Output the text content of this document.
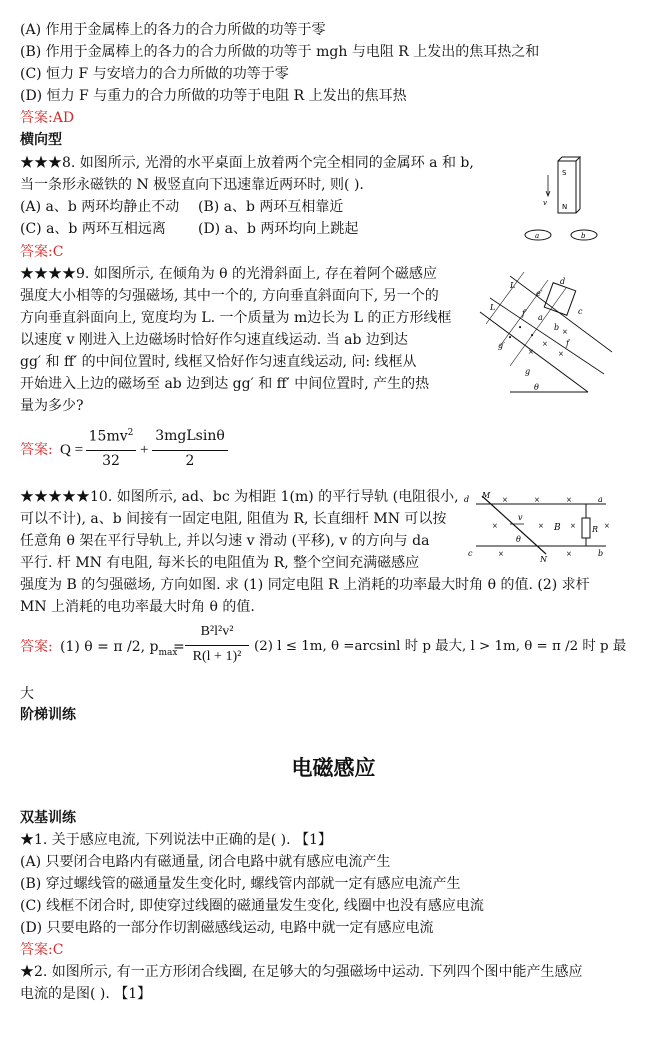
(A) 作用于金属棒上的各力的合力所做的功等于零
(B) 作用于金属棒上的各力的合力所做的功等于 mgh 与电阻 R 上发出的焦耳热之和
(C) 恒力 F 与安培力的合力所做的功等于零
(D) 恒力 F 与重力的合力所做的功等于电阻 R 上发出的焦耳热
答案:AD
横向型
★★★8. 如图所示, 光滑的水平桌面上放着两个完全相同的金属环 a 和 b,
当一条形永磁铁的 N 极竖直向下迅速靠近两环时, 则( ).
(A) a、b 两环均静止不动 (B) a、b 两环互相靠近
(C) a、b 两环互相远离 (D) a、b 两环均向上跳起
答案:C
S
N
v
a	b
★★★★9. 如图所示, 在倾角为 θ 的光滑斜面上, 存在着阿个磁感应
强度大小相等的匀强磁场, 其中一个的, 方向垂直斜面向下, 另一个的
方向垂直斜面向上, 宽度均为 L. 一个质量为 m边长为 L 的正方形线框
以速度 v 刚进入上边磁场时恰好作匀速直线运动. 当 ab 边到达
gg′ 和 ff′ 的中间位置时, 线框又恰好作匀速直线运动, 问: 线框从
开始进入上边的磁场至 ab 边到达 gg′ 和 ff′ 中间位置时, 产生的热
量为多少?
e′
d
c
L
L
f′ a
b
g′
g
f
θ
×
×
×	×
•
•
•
答案: Q =
$15mv^2$
32
+
3mgLsinθ
2
★★★★★10. 如图所示, ad、bc 为相距 1(m) 的平行导轨 (电阻很小,
可以不计), a、b 间接有一固定电阻, 阻值为 R, 长直细杆 MN 可以按
任意角 θ 架在平行导轨上, 并以匀速 v 滑动 (平移), v 的方向与 da
平行. 杆 MN 有电阻, 每米长的电阻值为 R, 整个空间充满磁感应
强度为 B 的匀强磁场, 方向如图. 求 (1) 同定电阻 R 上消耗的功率最大时角 θ 的值. (2) 求杆
MN 上消耗的电功率最大时角 θ 的值.
d M	a
v
B	R
θ
c
N
b
×	×	×
×	×	×
×	×
×
答案: (1) θ = π /2, $p_{max}$
=
B²l²v²
R(l + 1)²
(2) l ≤ 1m, θ =arcsinl 时 p 最大, l > 1m, θ = π /2 时 p 最
大
阶梯训练
电磁感应
双基训练
★1. 关于感应电流, 下列说法中正确的是( ). 【1】
(A) 只要闭合电路内有磁通量, 闭合电路中就有感应电流产生
(B) 穿过螺线管的磁通量发生变化时, 螺线管内部就一定有感应电流产生
(C) 线框不闭合时, 即使穿过线圈的磁通量发生变化, 线圈中也没有感应电流
(D) 只要电路的一部分作切割磁感线运动, 电路中就一定有感应电流
答案:C
★2. 如图所示, 有一正方形闭合线圈, 在足够大的匀强磁场中运动. 下列四个图中能产生感应
电流的是图( ). 【1】
